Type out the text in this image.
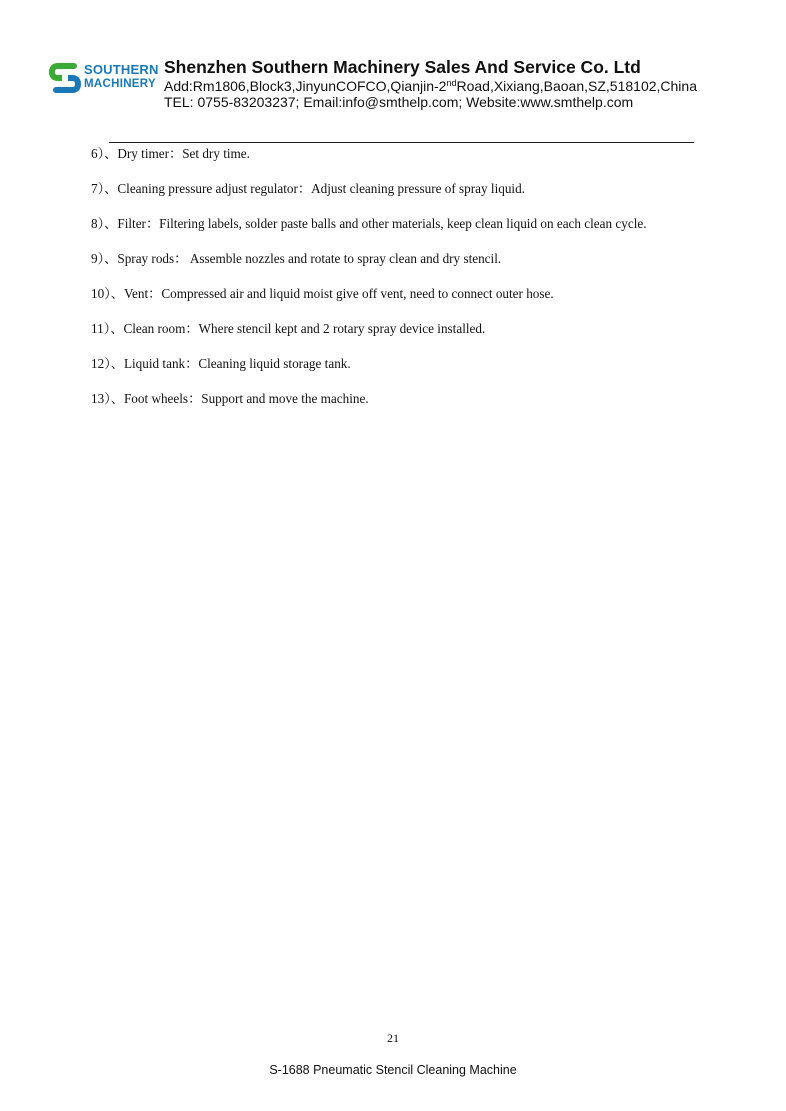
SOUTHERN
MACHINERY
Shenzhen Southern Machinery Sales And Service Co. Ltd
Add:Rm1806,Block3,JinyunCOFCO,Qianjin-2ndRoad,Xixiang,Baoan,SZ,518102,China
TEL: 0755-83203237; Email:info@smthelp.com; Website:www.smthelp.com
6）、Dry timer：Set dry time.
7）、Cleaning pressure adjust regulator：Adjust cleaning pressure of spray liquid.
8）、Filter：Filtering labels, solder paste balls and other materials, keep clean liquid on each clean cycle.
9）、Spray rods： Assemble nozzles and rotate to spray clean and dry stencil.
10）、Vent：Compressed air and liquid moist give off vent, need to connect outer hose.
11）、Clean room：Where stencil kept and 2 rotary spray device installed.
12）、Liquid tank：Cleaning liquid storage tank.
13）、Foot wheels：Support and move the machine.
21
S-1688 Pneumatic Stencil Cleaning Machine
